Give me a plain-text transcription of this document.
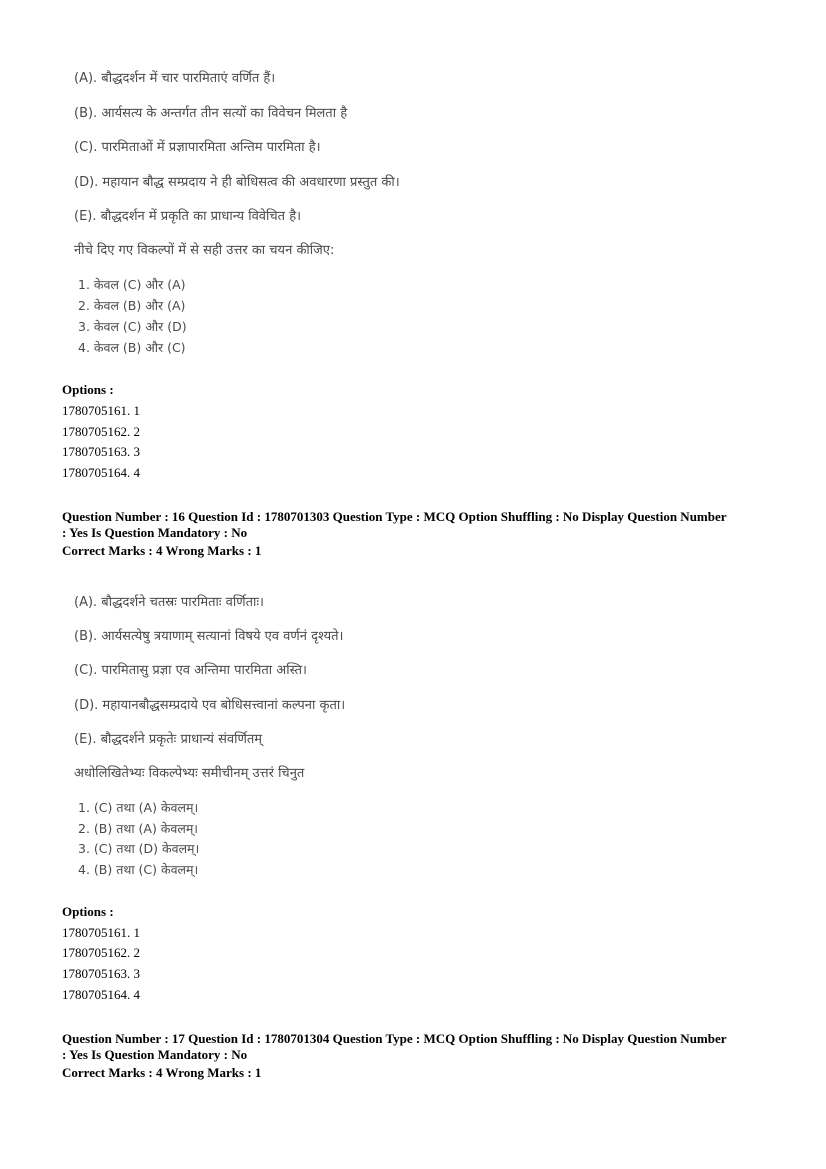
(A). बौद्धदर्शन में चार पारमिताएं वर्णित हैं।
(B). आर्यसत्य के अन्तर्गत तीन सत्यों का विवेचन मिलता है
(C). पारमिताओं में प्रज्ञापारमिता अन्तिम पारमिता है।
(D). महायान बौद्ध सम्प्रदाय ने ही बोधिसत्व की अवधारणा प्रस्तुत की।
(E). बौद्धदर्शन में प्रकृति का प्राधान्य विवेचित है।
नीचे दिए गए विकल्पों में से सही उत्तर का चयन कीजिए:
1. केवल (C) और (A)
2. केवल (B) और (A)
3. केवल (C) और (D)
4. केवल (B) और (C)
Options :
1780705161. 1
1780705162. 2
1780705163. 3
1780705164. 4
Question Number : 16 Question Id : 1780701303 Question Type : MCQ Option Shuffling : No Display Question Number
: Yes Is Question Mandatory : No
Correct Marks : 4 Wrong Marks : 1
(A). बौद्धदर्शने चतस्रः पारमिताः वर्णिताः।
(B). आर्यसत्येषु त्रयाणाम् सत्यानां विषये एव वर्णनं दृश्यते।
(C). पारमितासु प्रज्ञा एव अन्तिमा पारमिता अस्ति।
(D). महायानबौद्धसम्प्रदाये एव बोधिसत्त्वानां कल्पना कृता।
(E). बौद्धदर्शने प्रकृतेः प्राधान्यं संवर्णितम्
अधोलिखितेभ्यः विकल्पेभ्यः समीचीनम् उत्तरं चिनुत
1. (C) तथा (A) केवलम्।
2. (B) तथा (A) केवलम्।
3. (C) तथा (D) केवलम्।
4. (B) तथा (C) केवलम्।
Options :
1780705161. 1
1780705162. 2
1780705163. 3
1780705164. 4
Question Number : 17 Question Id : 1780701304 Question Type : MCQ Option Shuffling : No Display Question Number
: Yes Is Question Mandatory : No
Correct Marks : 4 Wrong Marks : 1
